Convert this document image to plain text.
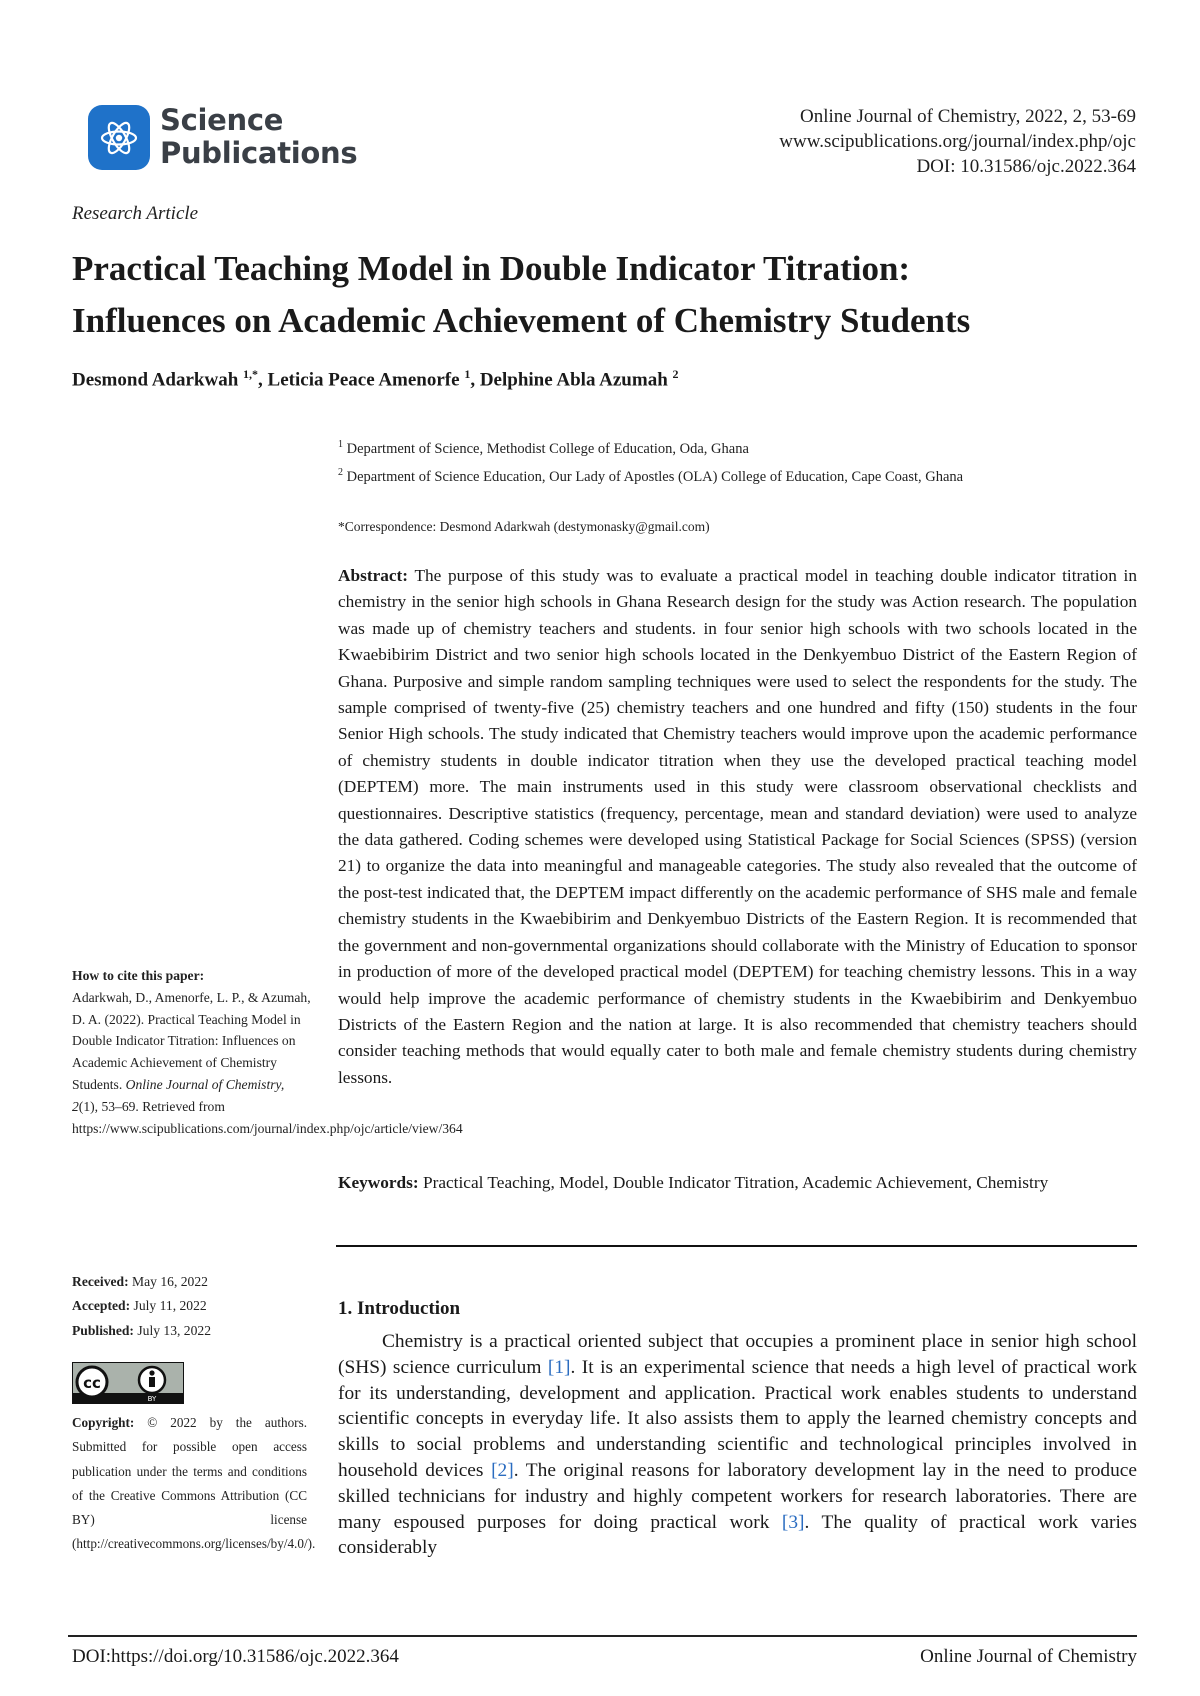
Science
Publications
Online Journal of Chemistry, 2022, 2, 53-69
www.scipublications.org/journal/index.php/ojc
DOI: 10.31586/ojc.2022.364
Research Article
Practical Teaching Model in Double Indicator Titration:
Influences on Academic Achievement of Chemistry Students
Desmond Adarkwah $^{1,*}$, Leticia Peace Amenorfe $^1$, Delphine Abla Azumah $^2$
$^1$ Department of Science, Methodist College of Education, Oda, Ghana
$^2$ Department of Science Education, Our Lady of Apostles (OLA) College of Education, Cape Coast, Ghana
*Correspondence: Desmond Adarkwah (destymonasky@gmail.com)
Abstract: The purpose of this study was to evaluate a practical model in teaching double indicator titration in chemistry in the senior high schools in Ghana Research design for the study was Action research. The population was made up of chemistry teachers and students. in four senior high schools with two schools located in the Kwaebibirim District and two senior high schools located in the Denkyembuo District of the Eastern Region of Ghana. Purposive and simple random sampling techniques were used to select the respondents for the study. The sample comprised of twenty-five (25) chemistry teachers and one hundred and fifty (150) students in the four Senior High schools. The study indicated that Chemistry teachers would improve upon the academic performance of chemistry students in double indicator titration when they use the developed practical teaching model (DEPTEM) more. The main instruments used in this study were classroom observational checklists and questionnaires. Descriptive statistics (frequency, percentage, mean and standard deviation) were used to analyze the data gathered. Coding schemes were developed using Statistical Package for Social Sciences (SPSS) (version 21) to organize the data into meaningful and manageable categories. The study also revealed that the outcome of the post-test indicated that, the DEPTEM impact differently on the academic performance of SHS male and female chemistry students in the Kwaebibirim and Denkyembuo Districts of the Eastern Region. It is recommended that the government and non-governmental organizations should collaborate with the Ministry of Education to sponsor in production of more of the developed practical model (DEPTEM) for teaching chemistry lessons. This in a way would help improve the academic performance of chemistry students in the Kwaebibirim and Denkyembuo Districts of the Eastern Region and the nation at large. It is also recommended that chemistry teachers should consider teaching methods that would equally cater to both male and female chemistry students during chemistry lessons.
Keywords: Practical Teaching, Model, Double Indicator Titration, Academic Achievement, Chemistry
1. Introduction

Chemistry is a practical oriented subject that occupies a prominent place in senior high school (SHS) science curriculum [1]. It is an experimental science that needs a high level of practical work for its understanding, development and application. Practical work enables students to understand scientific concepts in everyday life. It also assists them to apply the learned chemistry concepts and skills to social problems and understanding scientific and technological principles involved in household devices [2]. The original reasons for laboratory development lay in the need to produce skilled technicians for industry and highly competent workers for research laboratories. There are many espoused purposes for doing practical work [3]. The quality of practical work varies considerably

How to cite this paper:
Adarkwah, D., Amenorfe, L. P., & Azumah, D. A. (2022). Practical Teaching Model in Double Indicator Titration: Influences on Academic Achievement of Chemistry Students. Online Journal of Chemistry, 2(1), 53–69. Retrieved from https://www.scipublications.com/journal/index.php/ojc/article/view/364
Received: May 16, 2022
Accepted: July 11, 2022
Published: July 13, 2022
cc
BY
Copyright: © 2022 by the authors. Submitted for possible open access publication under the terms and conditions of the Creative Commons Attribution (CC BY) license (http://creativecommons.org/licenses/by/4.0/).
DOI:https://doi.org/10.31586/ojc.2022.364	Online Journal of Chemistry
